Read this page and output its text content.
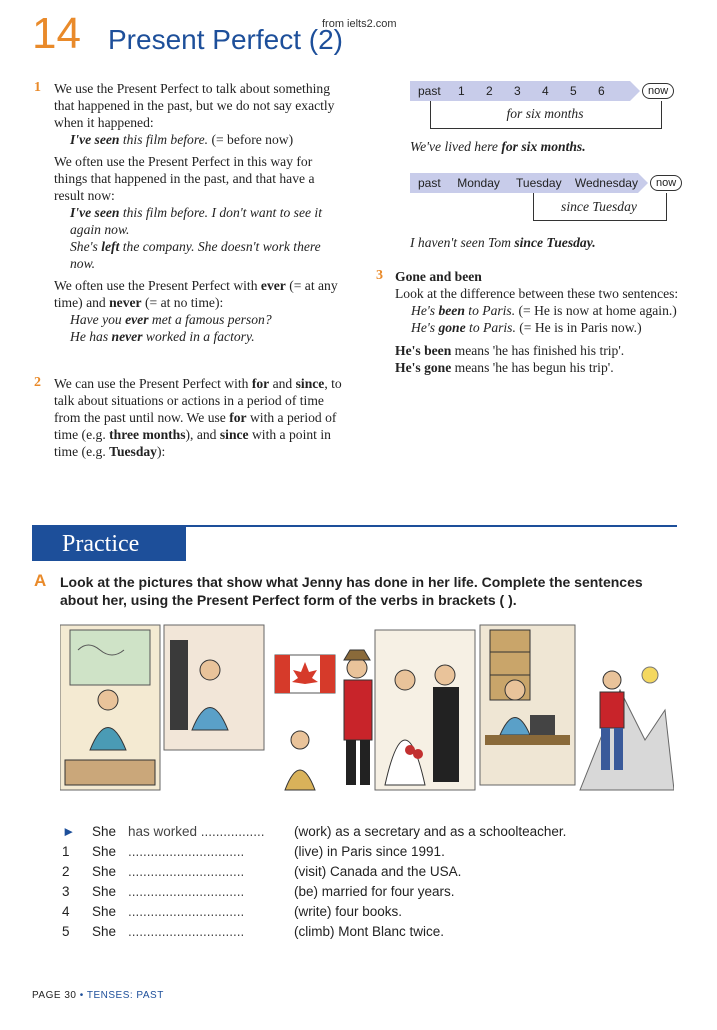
14 Present Perfect (2)
from ielts2.com
1 We use the Present Perfect to talk about something that happened in the past, but we do not say exactly when it happened:
I've seen this film before. (= before now)
We often use the Present Perfect in this way for things that happened in the past, and that have a result now:
I've seen this film before. I don't want to see it again now.
She's left the company. She doesn't work there now.
We often use the Present Perfect with ever (= at any time) and never (= at no time):
Have you ever met a famous person?
He has never worked in a factory.
2 We can use the Present Perfect with for and since, to talk about situations or actions in a period of time from the past until now. We use for with a period of time (e.g. three months), and since with a point in time (e.g. Tuesday):
past	1	2	3	4	5	6	now
for six months
We've lived here for six months.
past	Monday	Tuesday	Wednesday	now
since Tuesday
I haven't seen Tom since Tuesday.
3 Gone and been
Look at the difference between these two sentences:
He's been to Paris. (= He is now at home again.)
He's gone to Paris. (= He is in Paris now.)
He's been means 'he has finished his trip'.
He's gone means 'he has begun his trip'.
Practice
A Look at the pictures that show what Jenny has done in her life. Complete the sentences about her, using the Present Perfect form of the verbs in brackets ( ).
►	She has worked .................	(work) as a secretary and as a schoolteacher.
1	She ...............................	(live) in Paris since 1991.
2	She ...............................	(visit) Canada and the USA.
3	She ...............................	(be) married for four years.
4	She ...............................	(write) four books.
5	She ...............................	(climb) Mont Blanc twice.
PAGE 30 • TENSES: PAST
